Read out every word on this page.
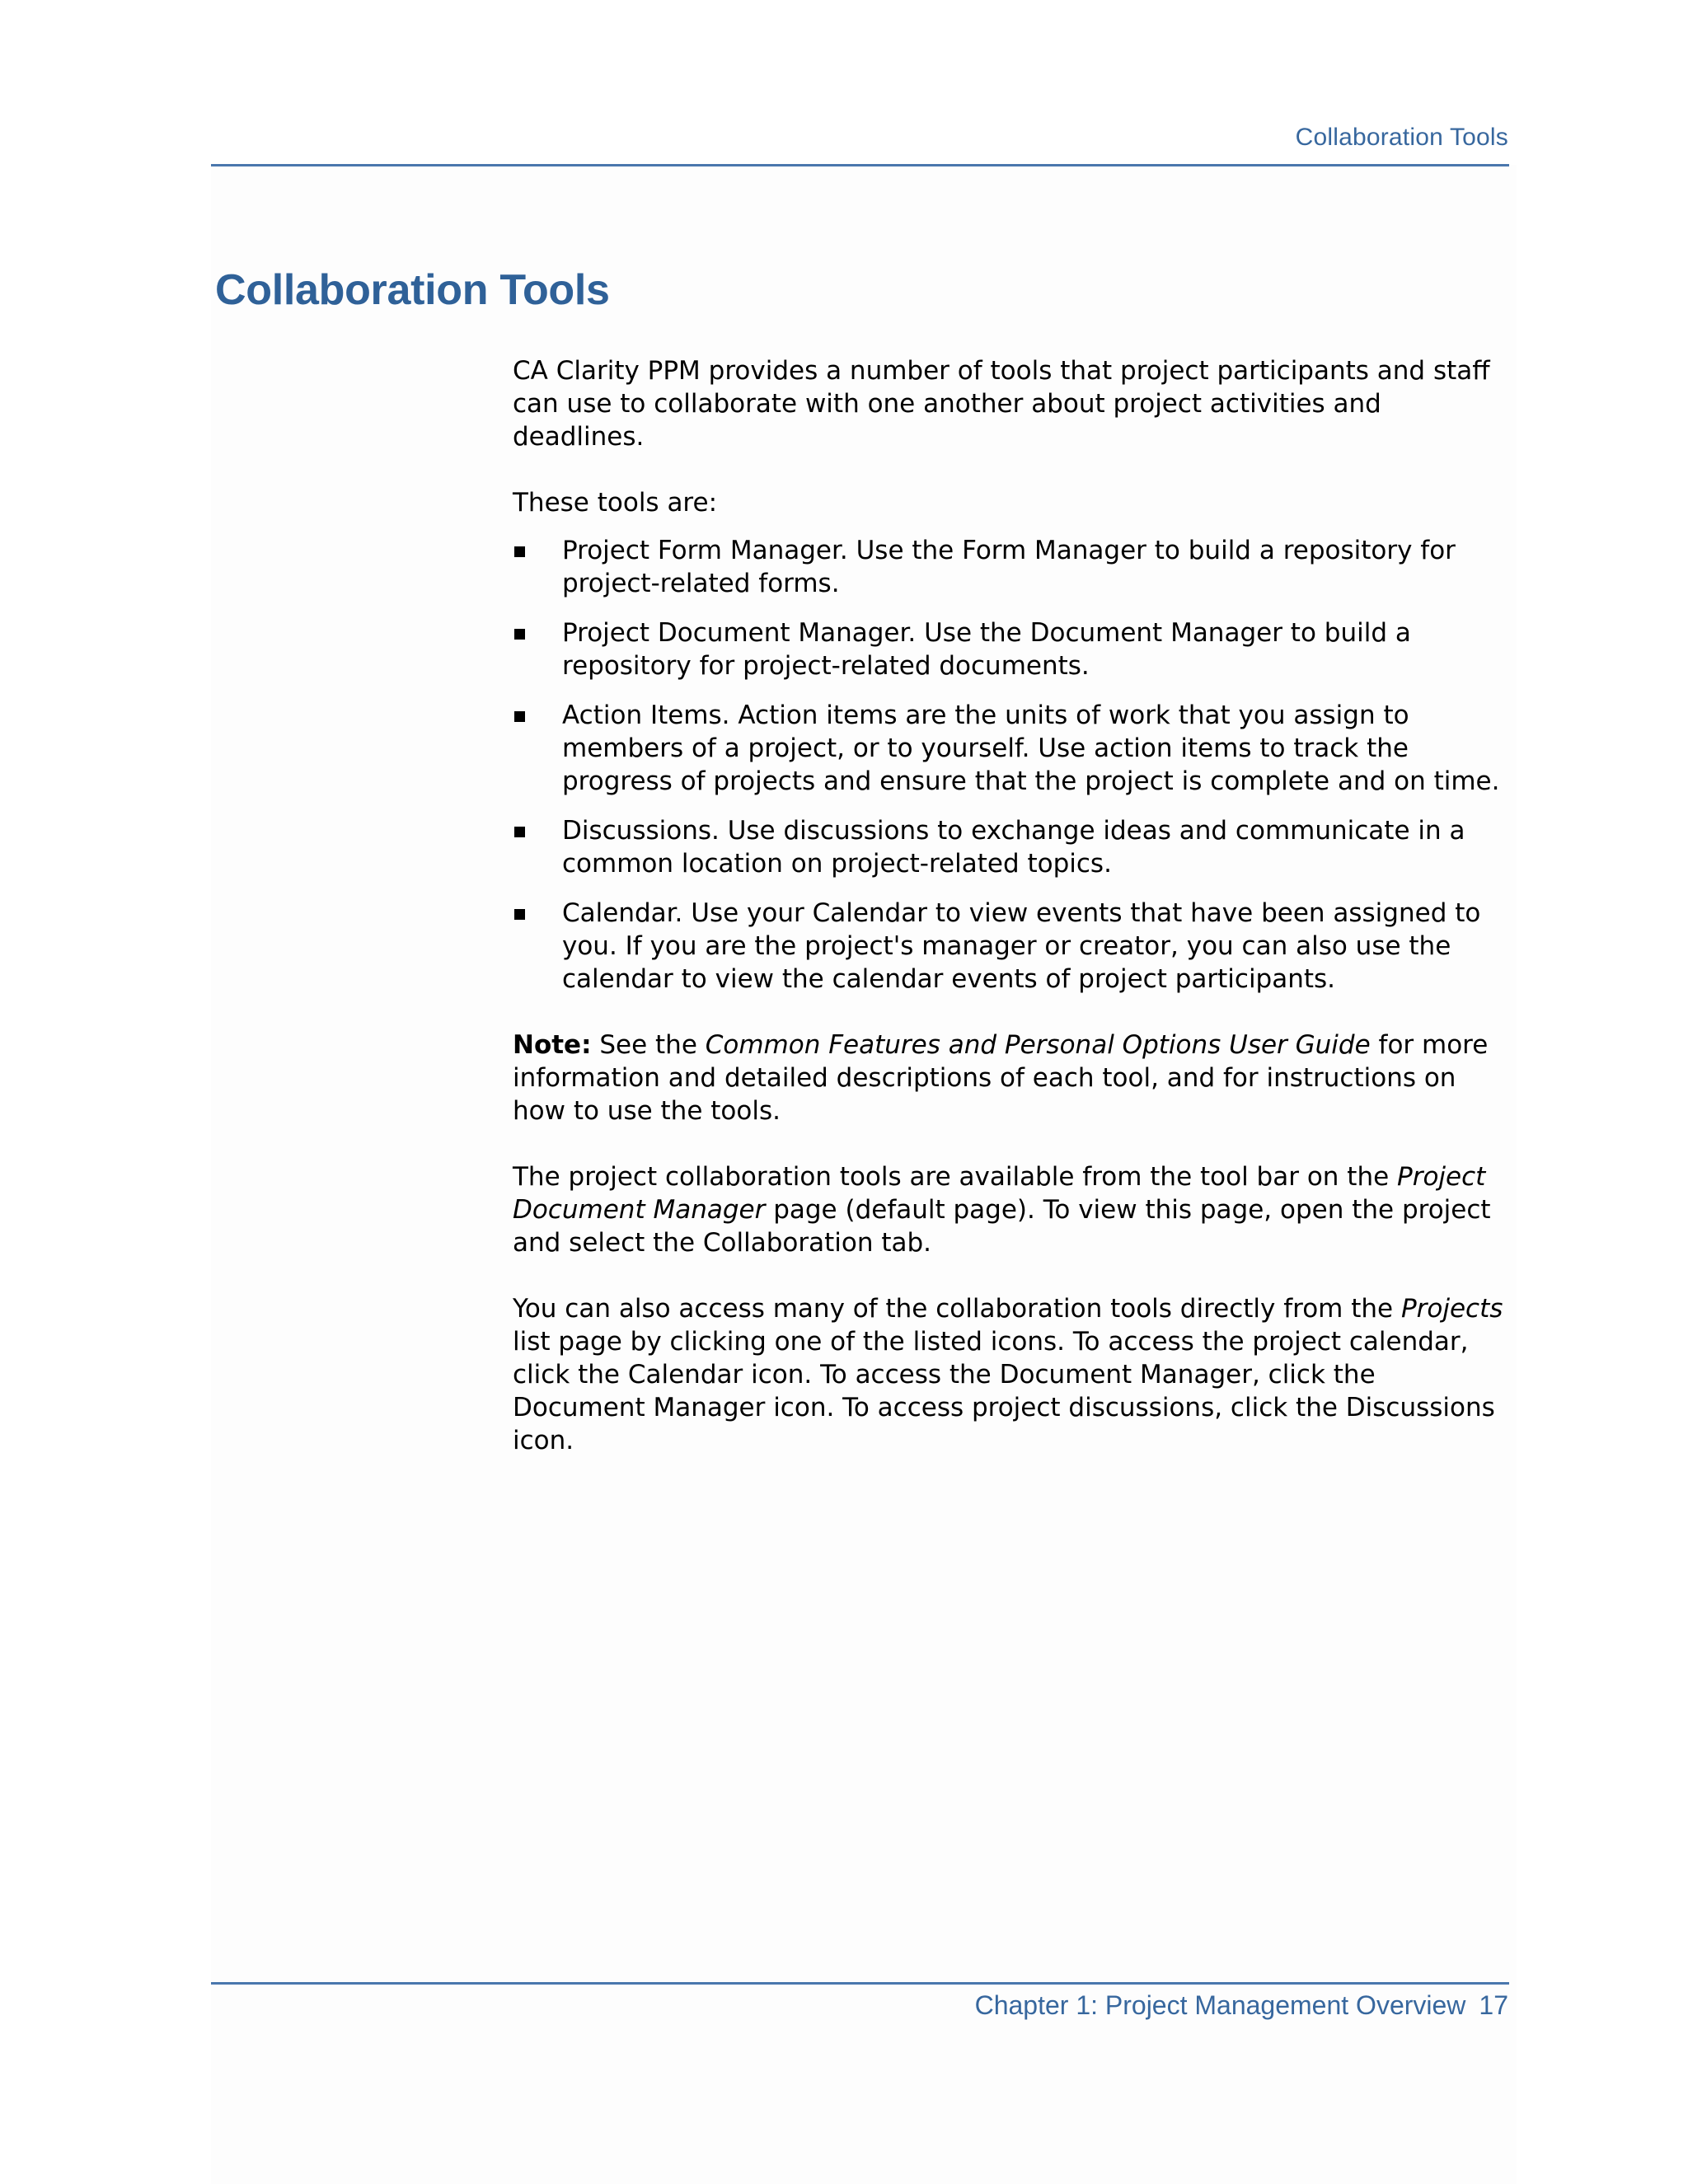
Collaboration Tools
Collaboration Tools

CA Clarity PPM provides a number of tools that project participants and staff can use to collaborate with one another about project activities and deadlines.

These tools are:

Project Form Manager. Use the Form Manager to build a repository for project-related forms.
Project Document Manager. Use the Document Manager to build a repository for project-related documents.
Action Items. Action items are the units of work that you assign to members of a project, or to yourself. Use action items to track the progress of projects and ensure that the project is complete and on time.
Discussions. Use discussions to exchange ideas and communicate in a common location on project-related topics.
Calendar. Use your Calendar to view events that have been assigned to you. If you are the project's manager or creator, you can also use the calendar to view the calendar events of project participants.

Note: See the Common Features and Personal Options User Guide for more information and detailed descriptions of each tool, and for instructions on how to use the tools.

The project collaboration tools are available from the tool bar on the Project Document Manager page (default page). To view this page, open the project and select the Collaboration tab.

You can also access many of the collaboration tools directly from the Projects list page by clicking one of the listed icons. To access the project calendar, click the Calendar icon. To access the Document Manager, click the Document Manager icon. To access project discussions, click the Discussions icon.

Chapter 1: Project Management Overview 17
